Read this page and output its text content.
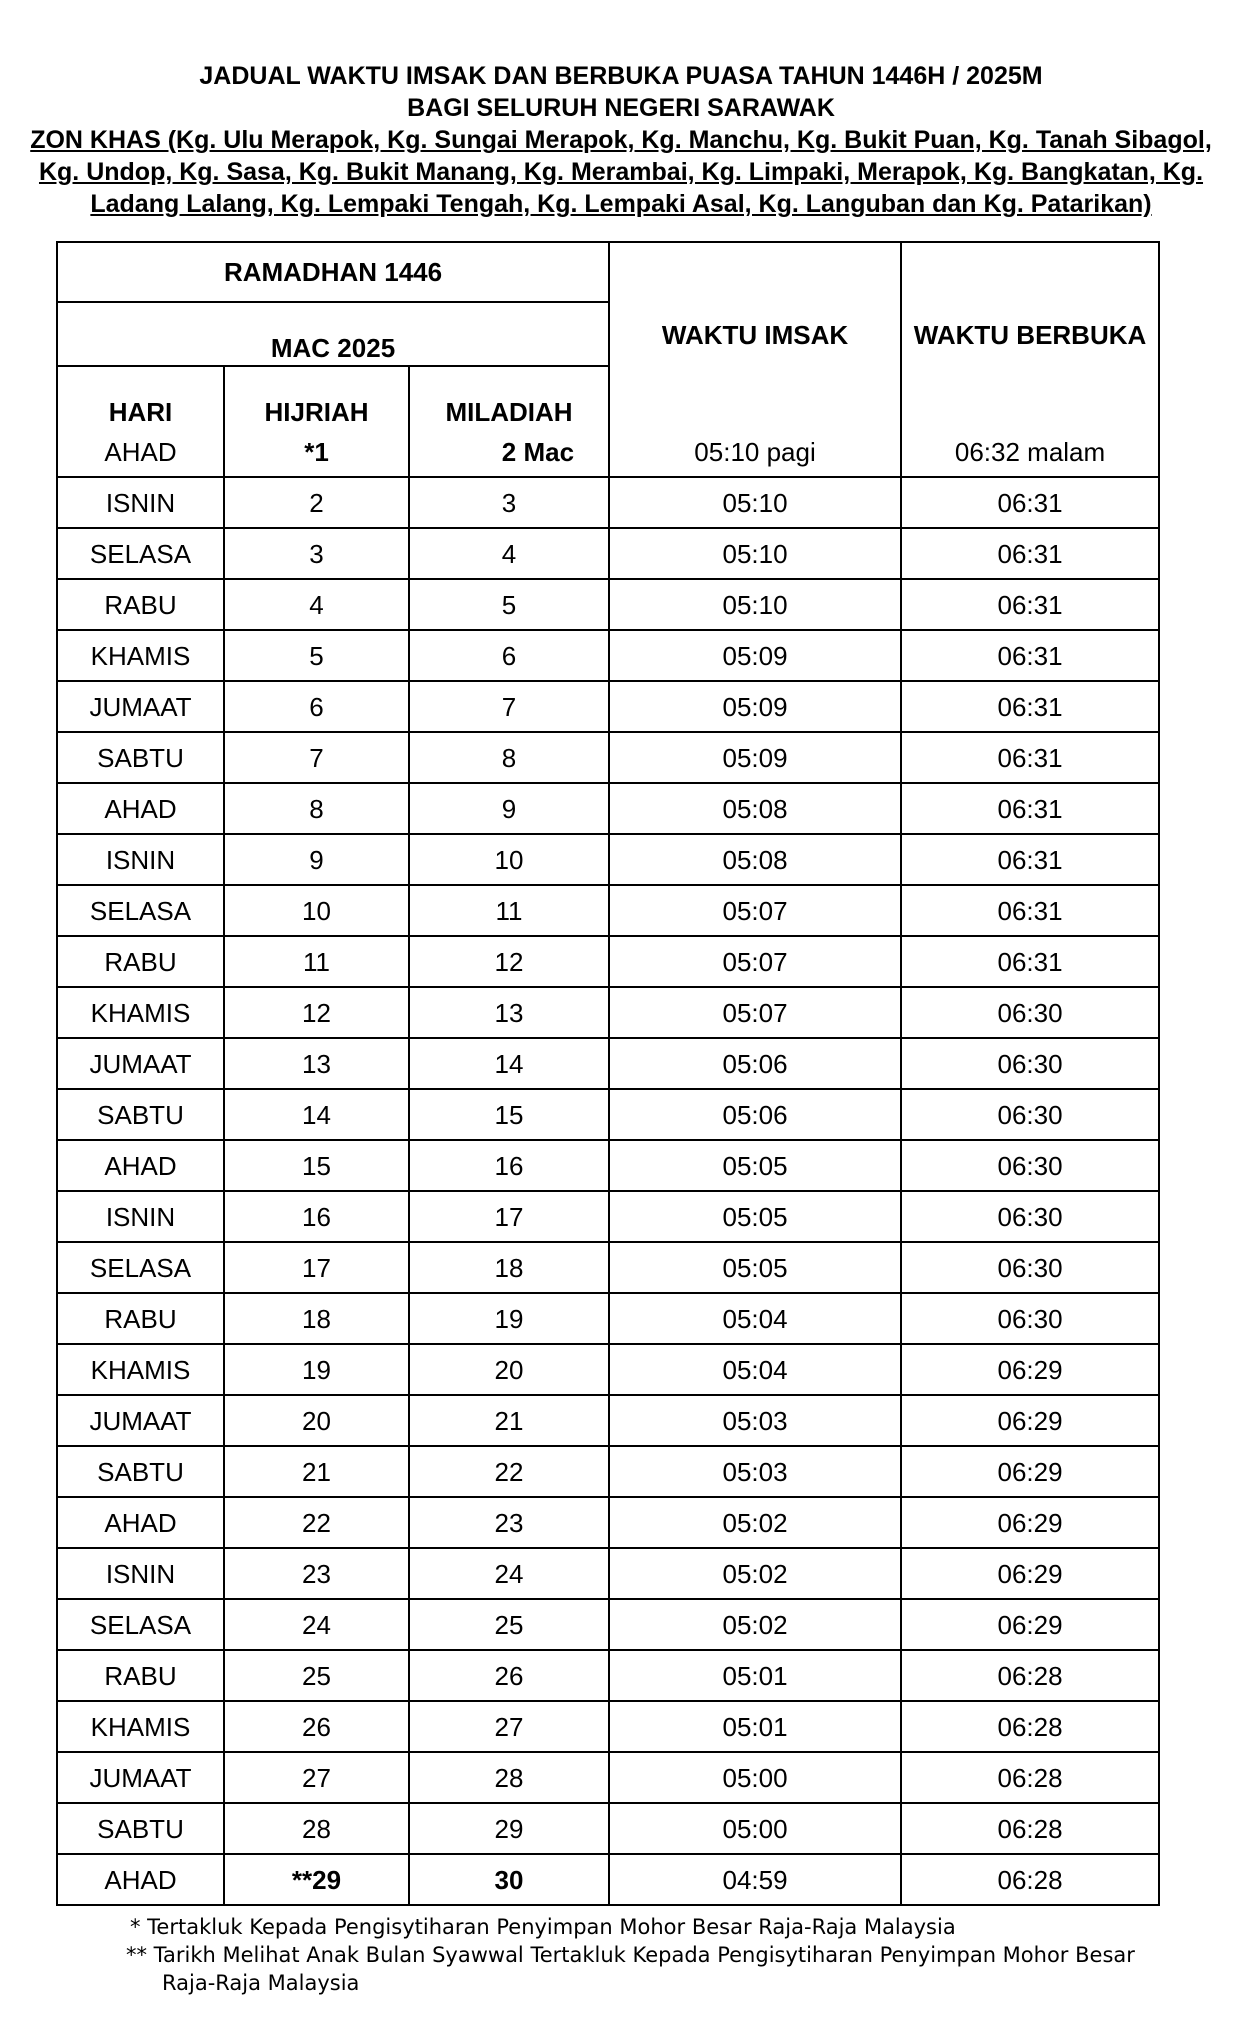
JADUAL WAKTU IMSAK DAN BERBUKA PUASA TAHUN 1446H / 2025M
BAGI SELURUH NEGERI SARAWAK
ZON KHAS (Kg. Ulu Merapok, Kg. Sungai Merapok, Kg. Manchu, Kg. Bukit Puan, Kg. Tanah Sibagol, Kg. Undop, Kg. Sasa, Kg. Bukit Manang, Kg. Merambai, Kg. Limpaki, Merapok, Kg. Bangkatan, Kg. Ladang Lalang, Kg. Lempaki Tengah, Kg. Lempaki Asal, Kg. Languban dan Kg. Patarikan)
RAMADHAN 1446			WAKTU IMSAK	WAKTU BERBUKA
MAC 2025				
HARI	HIJRIAH	MILADIAH		
AHAD	*1	2 Mac	05:10 pagi	06:32 malam
ISNIN	2	3	05:10	06:31
SELASA	3	4	05:10	06:31
RABU	4	5	05:10	06:31
KHAMIS	5	6	05:09	06:31
JUMAAT	6	7	05:09	06:31
SABTU	7	8	05:09	06:31
AHAD	8	9	05:08	06:31
ISNIN	9	10	05:08	06:31
SELASA	10	11	05:07	06:31
RABU	11	12	05:07	06:31
KHAMIS	12	13	05:07	06:30
JUMAAT	13	14	05:06	06:30
SABTU	14	15	05:06	06:30
AHAD	15	16	05:05	06:30
ISNIN	16	17	05:05	06:30
SELASA	17	18	05:05	06:30
RABU	18	19	05:04	06:30
KHAMIS	19	20	05:04	06:29
JUMAAT	20	21	05:03	06:29
SABTU	21	22	05:03	06:29
AHAD	22	23	05:02	06:29
ISNIN	23	24	05:02	06:29
SELASA	24	25	05:02	06:29
RABU	25	26	05:01	06:28
KHAMIS	26	27	05:01	06:28
JUMAAT	27	28	05:00	06:28
SABTU	28	29	05:00	06:28
AHAD	**29	30	04:59	06:28
* Tertakluk Kepada Pengisytiharan Penyimpan Mohor Besar Raja-Raja Malaysia
** Tarikh Melihat Anak Bulan Syawwal Tertakluk Kepada Pengisytiharan Penyimpan Mohor Besar
Raja-Raja Malaysia
